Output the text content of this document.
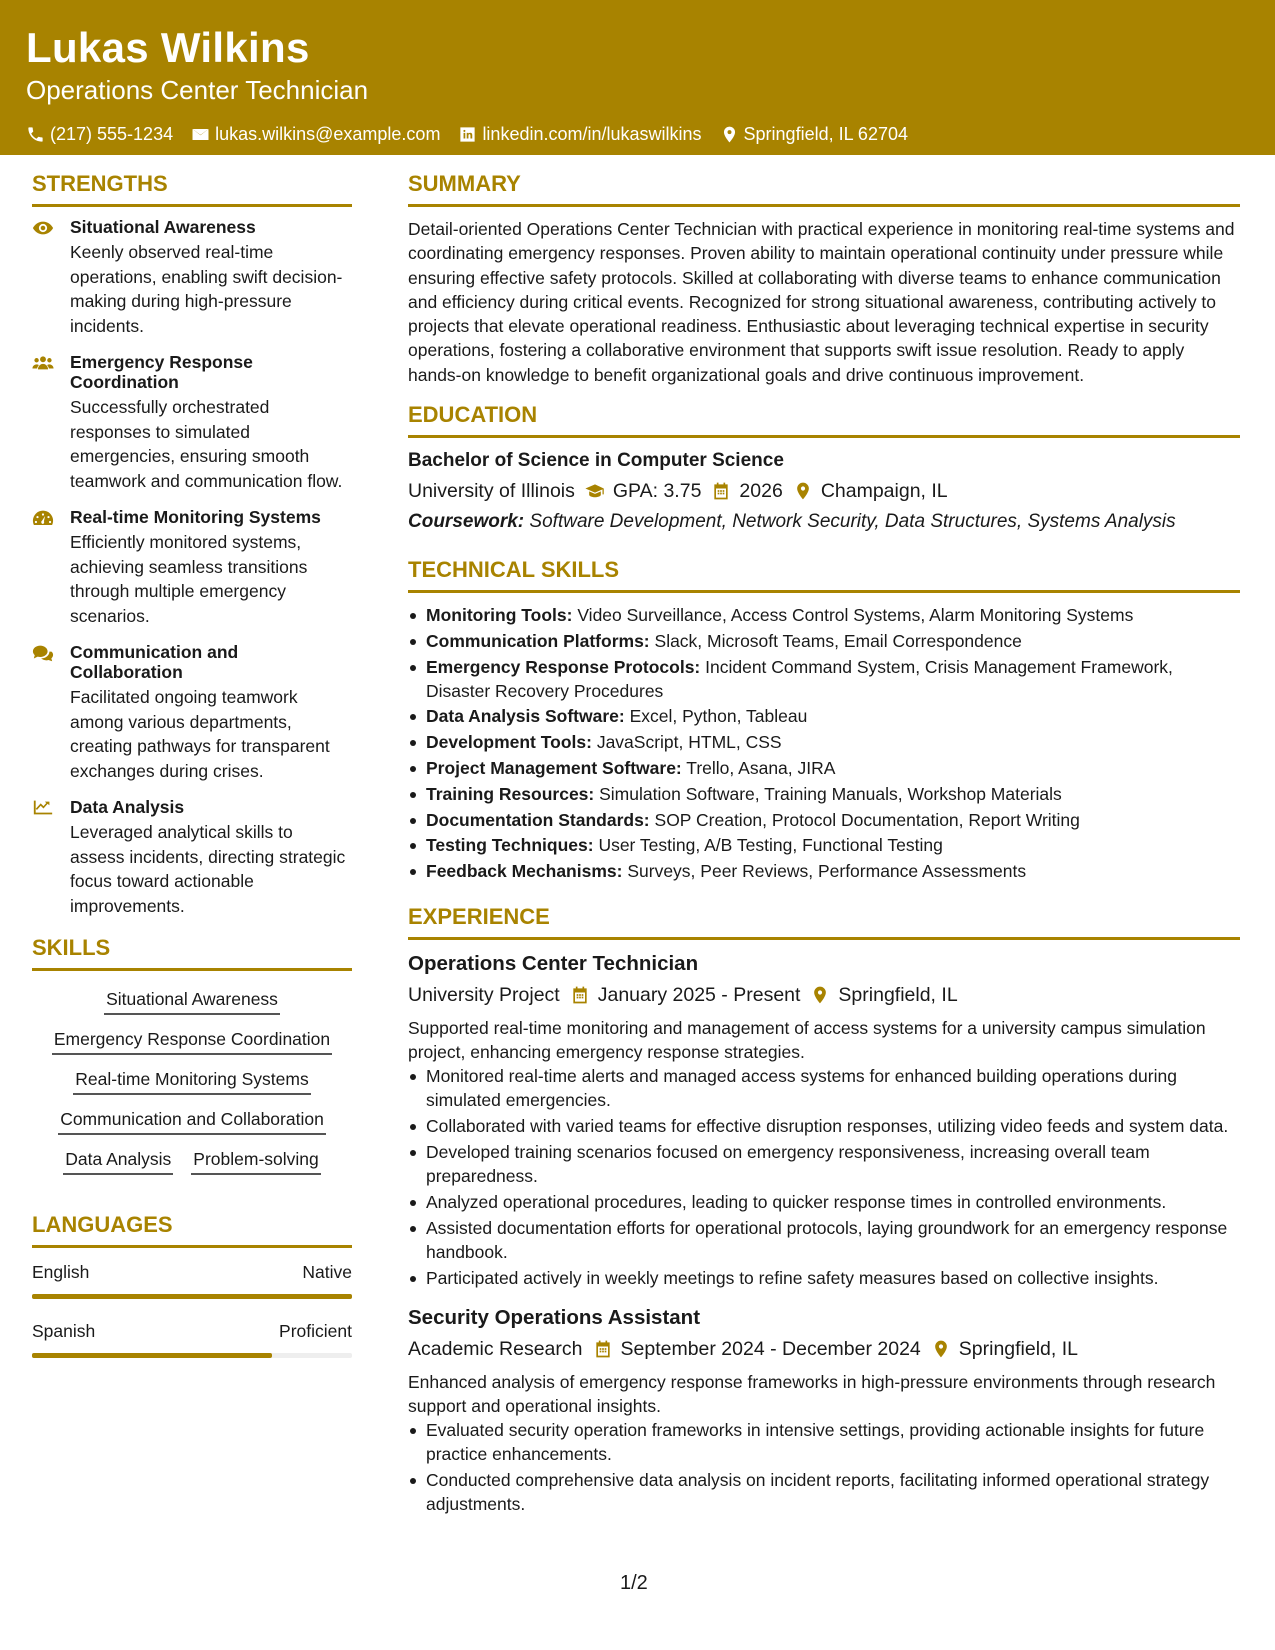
Lukas Wilkins
Operations Center Technician
(217) 555-1234 lukas.wilkins@example.com linkedin.com/in/lukaswilkins Springfield, IL 62704
STRENGTHS
Situational Awareness
Keenly observed real-time operations, enabling swift decision-making during high-pressure incidents.
Emergency Response Coordination
Successfully orchestrated responses to simulated emergencies, ensuring smooth teamwork and communication flow.
Real-time Monitoring Systems
Efficiently monitored systems, achieving seamless transitions through multiple emergency scenarios.
Communication and Collaboration
Facilitated ongoing teamwork among various departments, creating pathways for transparent exchanges during crises.
Data Analysis
Leveraged analytical skills to assess incidents, directing strategic focus toward actionable improvements.
SKILLS
Situational Awareness
Emergency Response Coordination
Real-time Monitoring Systems
Communication and Collaboration
Data Analysis Problem-solving
LANGUAGES
English	Native
Spanish	Proficient
SUMMARY
Detail-oriented Operations Center Technician with practical experience in monitoring real-time systems and coordinating emergency responses. Proven ability to maintain operational continuity under pressure while ensuring effective safety protocols. Skilled at collaborating with diverse teams to enhance communication and efficiency during critical events. Recognized for strong situational awareness, contributing actively to projects that elevate operational readiness. Enthusiastic about leveraging technical expertise in security operations, fostering a collaborative environment that supports swift issue resolution. Ready to apply hands-on knowledge to benefit organizational goals and drive continuous improvement.
EDUCATION
Bachelor of Science in Computer Science
University of Illinois GPA: 3.75 2026 Champaign, IL
Coursework: Software Development, Network Security, Data Structures, Systems Analysis
TECHNICAL SKILLS
Monitoring Tools: Video Surveillance, Access Control Systems, Alarm Monitoring Systems
Communication Platforms: Slack, Microsoft Teams, Email Correspondence
Emergency Response Protocols: Incident Command System, Crisis Management Framework, Disaster Recovery Procedures
Data Analysis Software: Excel, Python, Tableau
Development Tools: JavaScript, HTML, CSS
Project Management Software: Trello, Asana, JIRA
Training Resources: Simulation Software, Training Manuals, Workshop Materials
Documentation Standards: SOP Creation, Protocol Documentation, Report Writing
Testing Techniques: User Testing, A/B Testing, Functional Testing
Feedback Mechanisms: Surveys, Peer Reviews, Performance Assessments
EXPERIENCE
Operations Center Technician
University Project January 2025 - Present Springfield, IL
Supported real-time monitoring and management of access systems for a university campus simulation project, enhancing emergency response strategies.
Monitored real-time alerts and managed access systems for enhanced building operations during simulated emergencies.
Collaborated with varied teams for effective disruption responses, utilizing video feeds and system data.
Developed training scenarios focused on emergency responsiveness, increasing overall team preparedness.
Analyzed operational procedures, leading to quicker response times in controlled environments.
Assisted documentation efforts for operational protocols, laying groundwork for an emergency response handbook.
Participated actively in weekly meetings to refine safety measures based on collective insights.
Security Operations Assistant
Academic Research September 2024 - December 2024 Springfield, IL
Enhanced analysis of emergency response frameworks in high-pressure environments through research support and operational insights.
Evaluated security operation frameworks in intensive settings, providing actionable insights for future practice enhancements.
Conducted comprehensive data analysis on incident reports, facilitating informed operational strategy adjustments.
1/2
